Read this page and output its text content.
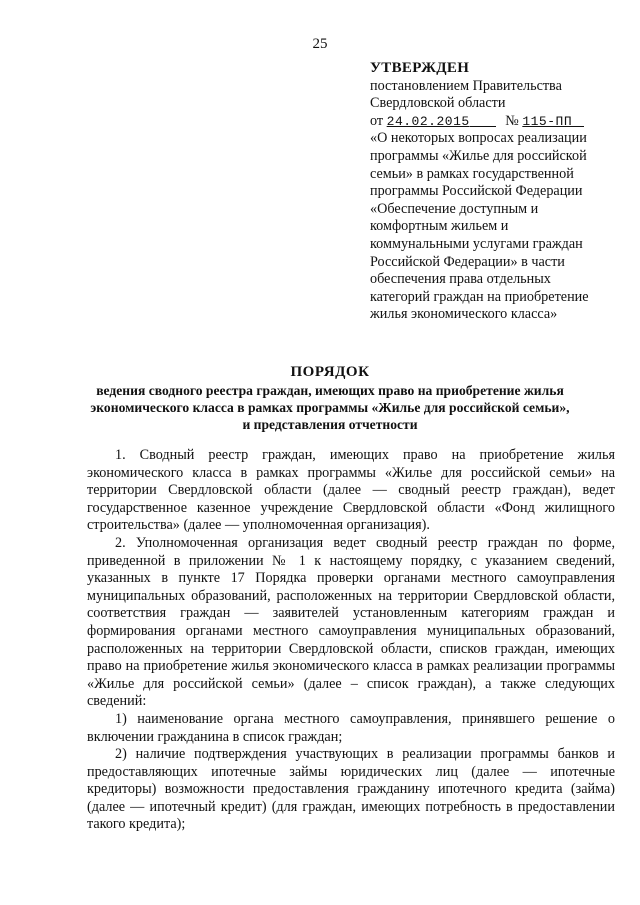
25
УТВЕРЖДЕН
постановлением Правительства
Свердловской области
от 24.02.2015	№ 115-ПП
«О некоторых вопросах реализации
программы «Жилье для российской
семьи» в рамках государственной
программы Российской Федерации
«Обеспечение доступным и
комфортным жильем и
коммунальными услугами граждан
Российской Федерации» в части
обеспечения права отдельных
категорий граждан на приобретение
жилья экономического класса»
ПОРЯДОК
ведения сводного реестра граждан, имеющих право на приобретение жилья
экономического класса в рамках программы «Жилье для российской семьи»,
и представления отчетности

1. Сводный реестр граждан, имеющих право на приобретение жилья экономического класса в рамках программы «Жилье для российской семьи» на территории Свердловской области (далее — сводный реестр граждан), ведет государственное казенное учреждение Свердловской области «Фонд жилищного строительства» (далее — уполномоченная организация).

2. Уполномоченная организация ведет сводный реестр граждан по форме, приведенной в приложении № 1 к настоящему порядку, с указанием сведений, указанных в пункте 17 Порядка проверки органами местного самоуправления муниципальных образований, расположенных на территории Свердловской области, соответствия граждан — заявителей установленным категориям граждан и формирования органами местного самоуправления муниципальных образований, расположенных на территории Свердловской области, списков граждан, имеющих право на приобретение жилья экономического класса в рамках реализации программы «Жилье для российской семьи» (далее – список граждан), а также следующих сведений:

1) наименование органа местного самоуправления, принявшего решение о включении гражданина в список граждан;

2) наличие подтверждения участвующих в реализации программы банков и предоставляющих ипотечные займы юридических лиц (далее — ипотечные кредиторы) возможности предоставления гражданину ипотечного кредита (займа) (далее — ипотечный кредит) (для граждан, имеющих потребность в предоставлении такого кредита);
